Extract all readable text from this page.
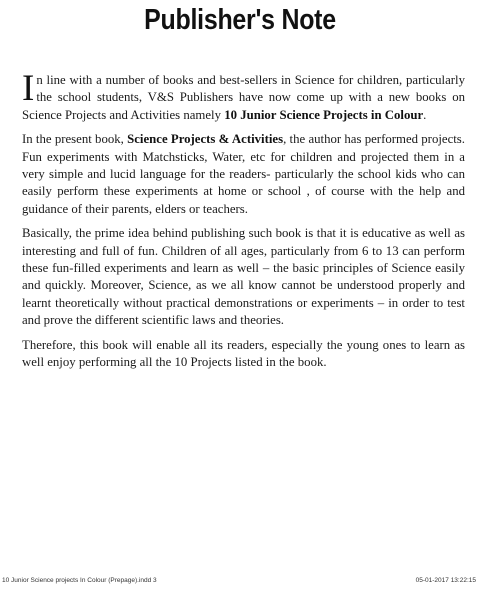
Publisher's Note

In line with a number of books and best-sellers in Science for children, particularly the school students, V&S Publishers have now come up with a new books on Science Projects and Activities namely 10 Junior Science Projects in Colour.

In the present book, Science Projects & Activities, the author has performed projects. Fun experiments with Matchsticks, Water, etc for children and projected them in a very simple and lucid language for the readers- particularly the school kids who can easily perform these experiments at home or school , of course with the help and guidance of their parents, elders or teachers.

Basically, the prime idea behind publishing such book is that it is educative as well as interesting and full of fun. Children of all ages, particularly from 6 to 13 can perform these fun-filled experiments and learn as well – the basic principles of Science easily and quickly. Moreover, Science, as we all know cannot be understood properly and learnt theoretically without practical demonstrations or experiments – in order to test and prove the different scientific laws and theories.

Therefore, this book will enable all its readers, especially the young ones to learn as well enjoy performing all the 10 Projects listed in the book.

10 Junior Science projects In Colour (Prepage).indd 3	05-01-2017 13:22:15
